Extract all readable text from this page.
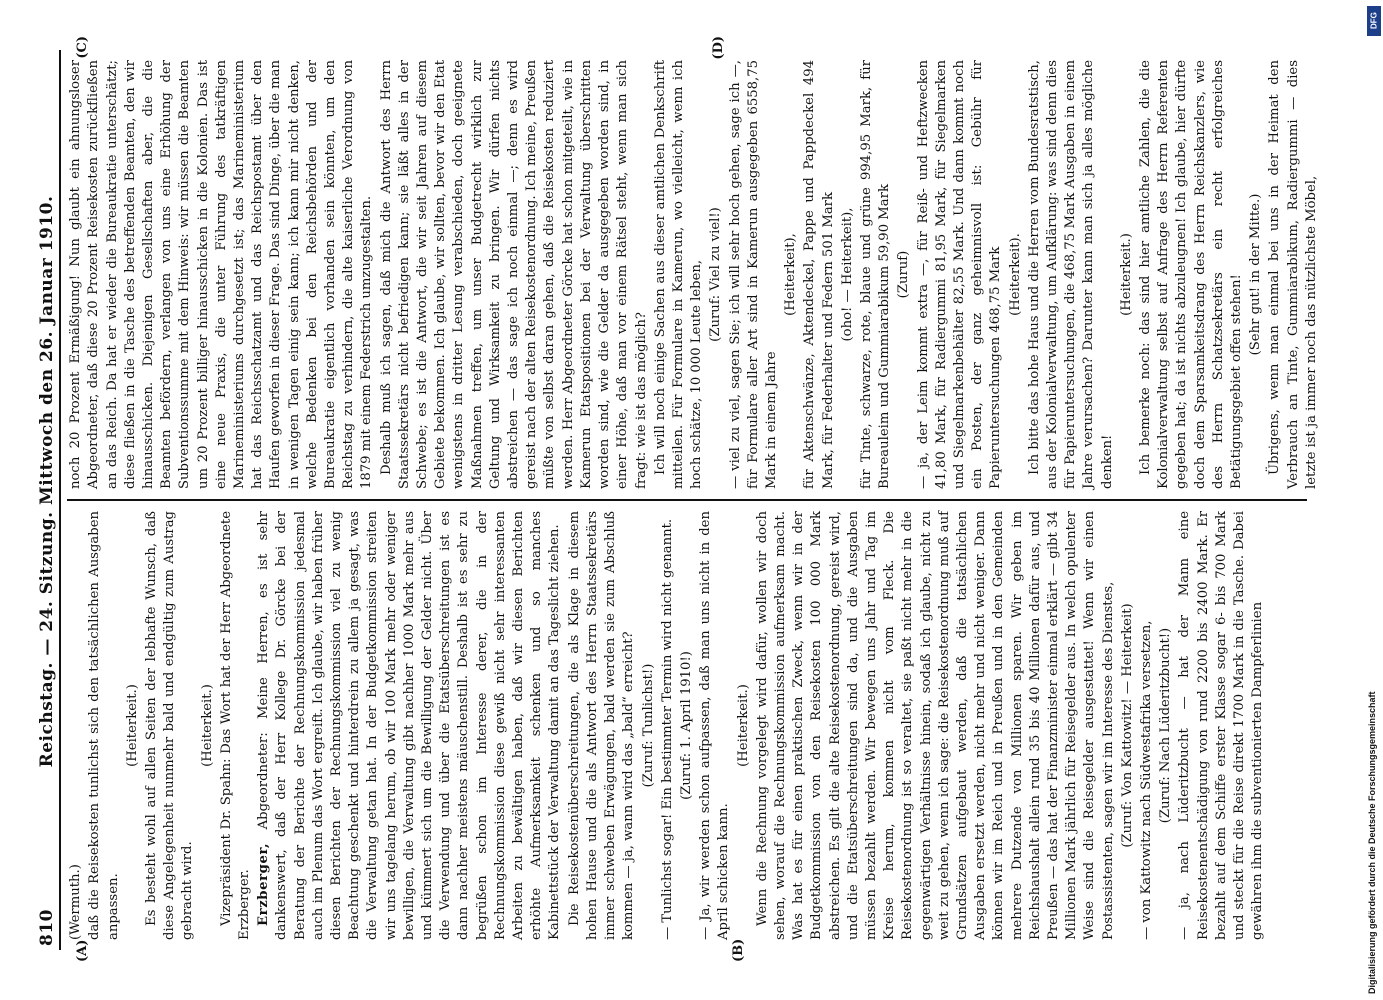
DFG
Digitalisierung gefördert durch die Deutsche Forschungsgemeinschaft
810
Reichstag. — 24. Sitzung. Mittwoch den 26. Januar 1910.
(A)	(B)
(C)	(D)

(Wermuth.) daß die Reisekosten tunlichst sich den tatsächlichen Ausgaben anpassen.

(Heiterkeit.) Es besteht wohl auf allen Seiten der lebhafte Wunsch, daß diese Angelegenheit nunmehr bald und endgültig zum Austrag gebracht wird.

(Heiterkeit.) Vizepräsident Dr. Spahn: Das Wort hat der Herr Abgeordnete Erzberger. Erzberger, Abgeordneter: Meine Herren, es ist sehr dankenswert, daß der Herr Kollege Dr. Görcke bei der Beratung der Berichte der Rechnungskommission jedesmal auch im Plenum das Wort ergreift. Ich glaube, wir haben früher diesen Berichten der Rechnungskommission viel zu wenig Beachtung geschenkt und hinterdrein zu allem ja gesagt, was die Verwaltung getan hat. In der Budgetkommission streiten wir uns tagelang herum, ob wir 100 Mark mehr oder weniger bewilligen, die Verwaltung gibt nachher 1000 Mark mehr aus und kümmert sich um die Bewilligung der Gelder nicht. Über die Verwendung und über die Etatsüberschreitungen ist es dann nachher meistens mäuschenstill. Deshalb ist es sehr zu begrüßen schon im Interesse derer, die in der Rechnungskommission diese gewiß nicht sehr interessanten Arbeiten zu bewältigen haben, daß wir diesen Berichten erhöhte Aufmerksamkeit schenken und so manches Kabinettstück der Verwaltung damit an das Tageslicht ziehen. Die Reisekostenüberschreitungen, die als Klage in diesem hohen Hause und die als Antwort des Herrn Staatssekretärs immer schweben Erwägungen, bald werden sie zum Abschluß kommen — ja, wann wird das „bald“ erreicht? (Zuruf: Tunlichst!) — Tunlichst sogar! Ein bestimmter Termin wird nicht genannt. (Zuruf: 1. April 1910!) — Ja, wir werden schon aufpassen, daß man uns nicht in den April schicken kann.

(Heiterkeit.) Wenn die Rechnung vorgelegt wird dafür, wollen wir doch sehen, worauf die Rechnungskommission aufmerksam macht. Was hat es für einen praktischen Zweck, wenn wir in der Budgetkommission von den Reisekosten 100 000 Mark abstreichen. Es gilt die alte Reisekostenordnung, gereist wird, und die Etatsüberschreitungen sind da, und die Ausgaben müssen bezahlt werden. Wir bewegen uns Jahr und Tag im Kreise herum, kommen nicht vom Fleck. Die Reisekostenordnung ist so veraltet, sie paßt nicht mehr in die gegenwärtigen Verhältnisse hinein, sodaß ich glaube, nicht zu weit zu gehen, wenn ich sage: die Reisekostenordnung muß auf Grundsätzen aufgebaut werden, daß die tatsächlichen Ausgaben ersetzt werden, nicht mehr und nicht weniger. Dann können wir im Reich und in Preußen und in den Gemeinden mehrere Dutzende von Millionen sparen. Wir geben im Reichshaushalt allein rund 35 bis 40 Millionen dafür aus, und Preußen — das hat der Finanzminister einmal erklärt — gibt 34 Millionen Mark jährlich für Reisegelder aus. In welch opulenter Weise sind die Reisegelder ausgestattet! Wenn wir einen Postassistenten, sagen wir im Interesse des Dienstes, (Zuruf: Von Kattowitz! — Heiterkeit) — von Kattowitz nach Südwestafrika versetzen, (Zuruf: Nach Lüderitzbucht!) — ja, nach Lüderitzbucht — hat der Mann eine Reisekostenentschädigung von rund 2200 bis 2400 Mark. Er bezahlt auf dem Schiffe erster Klasse sogar 6- bis 700 Mark und steckt für die Reise direkt 1700 Mark in die Tasche. Dabei gewähren ihm die subventionierten Dampferlinien

noch 20 Prozent Ermäßigung! Nun glaubt ein ahnungsloser Abgeordneter, daß diese 20 Prozent Reisekosten zurückfließen an das Reich. Da hat er wieder die Bureaukratie unterschätzt; diese fließen in die Tasche des betreffenden Beamten, den wir hinausschicken. Diejenigen Gesellschaften aber, die die Beamten befördern, verlangen von uns eine Erhöhung der Subventionssumme mit dem Hinweis: wir müssen die Beamten um 20 Prozent billiger hinausschicken in die Kolonien. Das ist eine neue Praxis, die unter Führung des tatkräftigen Marineministeriums durchgesetzt ist; das Marineministerium hat das Reichsschatzamt und das Reichspostamt über den Haufen geworfen in dieser Frage. Das sind Dinge, über die man in wenigen Tagen einig sein kann; ich kann mir nicht denken, welche Bedenken bei den Reichsbehörden und der Bureaukratie eigentlich vorhanden sein könnten, um den Reichstag zu verhindern, die alte kaiserliche Verordnung von 1879 mit einem Federstrich umzugestalten. Deshalb muß ich sagen, daß mich die Antwort des Herrn Staatssekretärs nicht befriedigen kann; sie läßt alles in der Schwebe; es ist die Antwort, die wir seit Jahren auf diesem Gebiete bekommen. Ich glaube, wir sollten, bevor wir den Etat wenigstens in dritter Lesung verabschieden, doch geeignete Maßnahmen treffen, um unser Budgetrecht wirklich zur Geltung und Wirksamkeit zu bringen. Wir dürfen nichts abstreichen — das sage ich noch einmal —; denn es wird gereist nach der alten Reisekostenordnung. Ich meine, Preußen müßte von selbst daran gehen, daß die Reisekosten reduziert werden. Herr Abgeordneter Görcke hat schon mitgeteilt, wie in Kamerun Etatspositionen bei der Verwaltung überschritten worden sind, wie die Gelder da ausgegeben worden sind, in einer Höhe, daß man vor einem Rätsel steht, wenn man sich fragt: wie ist das möglich? Ich will noch einige Sachen aus dieser amtlichen Denkschrift mitteilen. Für Formulare in Kamerun, wo vielleicht, wenn ich hoch schätze, 10 000 Leute leben, (Zuruf: Viel zu viel!) — viel zu viel, sagen Sie; ich will sehr hoch gehen, sage ich —, für Formulare aller Art sind in Kamerun ausgegeben 6558,75 Mark in einem Jahre

(Heiterkeit), für Aktenschwänze, Aktendeckel, Pappe und Pappdeckel 494 Mark, für Federhalter und Federn 501 Mark (oho! — Heiterkeit), für Tinte, schwarze, rote, blaue und grüne 994,95 Mark, für Bureauleim und Gummiarabikum 59,90 Mark (Zuruf) — ja, der Leim kommt extra —, für Reiß- und Heftzwecken 41,80 Mark, für Radiergummi 81,95 Mark, für Siegelmarken und Siegelmarkenbehälter 82,55 Mark. Und dann kommt noch ein Posten, der ganz geheimnisvoll ist: Gebühr für Papieruntersuchungen 468,75 Mark (Heiterkeit). Ich bitte das hohe Haus und die Herren vom Bundesratstisch, aus der Kolonialverwaltung, um Aufklärung: was sind denn dies für Papieruntersuchungen, die 468,75 Mark Ausgaben in einem Jahre verursachen? Darunter kann man sich ja alles mögliche denken!

(Heiterkeit.) Ich bemerke noch: das sind hier amtliche Zahlen, die die Kolonialverwaltung selbst auf Anfrage des Herrn Referenten gegeben hat; da ist nichts abzuleugnen! Ich glaube, hier dürfte doch dem Sparsamkeitsdrang des Herrn Reichskanzlers, wie des Herrn Schatzsekretärs ein recht erfolgreiches Betätigungsgebiet offen stehen! (Sehr gut! in der Mitte.) Übrigens, wenn man einmal bei uns in der Heimat den Verbrauch an Tinte, Gummiarabikum, Radiergummi — dies letzte ist ja immer noch das nützlichste Möbel,
